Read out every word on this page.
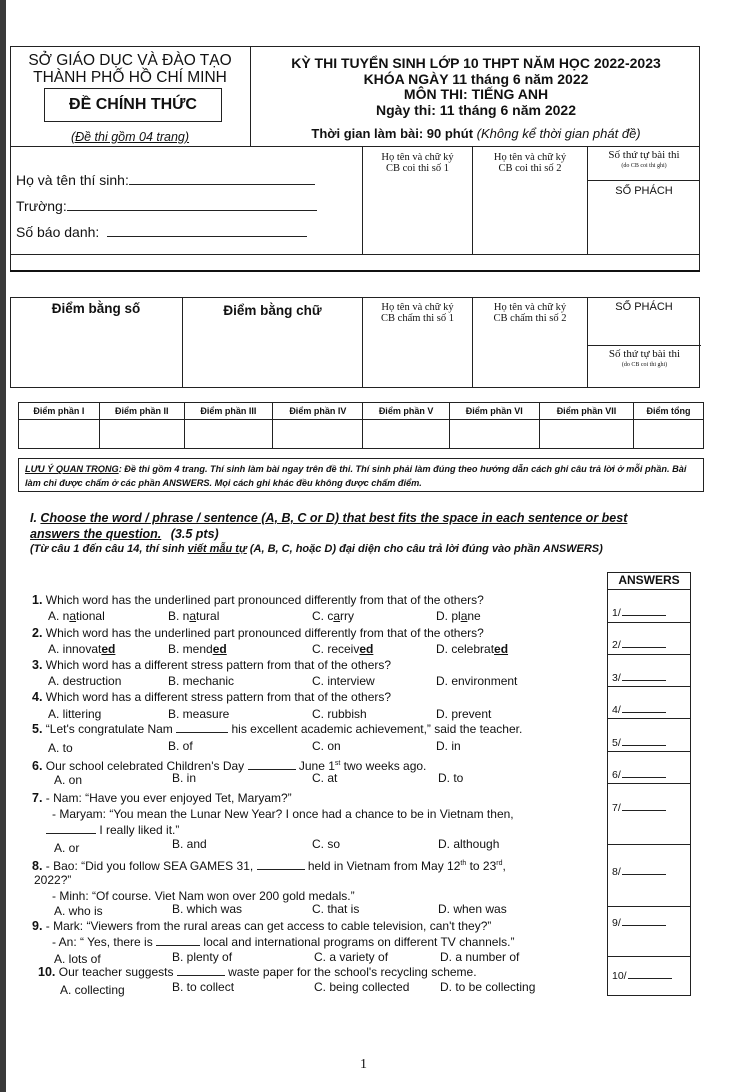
SỞ GIÁO DỤC VÀ ĐÀO TẠO
THÀNH PHỐ HỒ CHÍ MINH
ĐỀ CHÍNH THỨC
(Đề thi gồm 04 trang)
KỲ THI TUYỂN SINH LỚP 10 THPT NĂM HỌC 2022-2023
KHÓA NGÀY 11 tháng 6 năm 2022
MÔN THI: TIẾNG ANH
Ngày thi: 11 tháng 6 năm 2022
Thời gian làm bài: 90 phút (Không kể thời gian phát đề)
Họ và tên thí sinh:
Trường:
Số báo danh:
Họ tên và chữ ký
CB coi thi số 1
Họ tên và chữ ký
CB coi thi số 2
Số thứ tự bài thi
(do CB coi thi ghi)
SỐ PHÁCH
Điểm bằng số	Điểm bằng chữ	Họ tên và chữ ký
CB chấm thi số 1
Họ tên và chữ ký
CB chấm thi số 2
SỐ PHÁCH
Số thứ tự bài thi
(do CB coi thi ghi)
Điểm phần I	Điểm phần II	Điểm phần III	Điểm phần IV	Điểm phần V	Điểm phần VI	Điểm phần VII	Điểm tổng

LƯU Ý QUAN TRỌNG: Đề thi gồm 4 trang. Thí sinh làm bài ngay trên đề thi. Thí sinh phải làm đúng theo hướng dẫn cách ghi câu trả lời ở mỗi phần. Bài làm chỉ được chấm ở các phần ANSWERS. Mọi cách ghi khác đều không được chấm điểm.
I. Choose the word / phrase / sentence (A, B, C or D) that best fits the space in each sentence or best answers the question. (3.5 pts)
(Từ câu 1 đến câu 14, thí sinh viết mẫu tự (A, B, C, hoặc D) đại diện cho câu trả lời đúng vào phần ANSWERS)
ANSWERS
1/
2/
3/
4/
5/
6/
7/
8/
9/
10/
1. Which word has the underlined part pronounced differently from that of the others?
A. national	B. natural	C. carry	D. plane
2. Which word has the underlined part pronounced differently from that of the others?
A. innovated	B. mended	C. received	D. celebrated
3. Which word has a different stress pattern from that of the others?
A. destruction	B. mechanic	C. interview	D. environment
4. Which word has a different stress pattern from that of the others?
A. littering	B. measure	C. rubbish	D. prevent
5. “Let's congratulate Nam	his excellent academic achievement,” said the teacher.
A. to	B. of	C. on	D. in
6. Our school celebrated Children's Day	June 1st two weeks ago.
A. on	B. in	C. at	D. to
7. - Nam: “Have you ever enjoyed Tet, Maryam?”
- Maryam: “You mean the Lunar New Year? I once had a chance to be in Vietnam then,
I really liked it.”
A. or	B. and	C. so	D. although
8. - Bao: “Did you follow SEA GAMES 31,	held in Vietnam from May 12th to 23rd,
2022?”
- Minh: “Of course. Viet Nam won over 200 gold medals.”
A. who is	B. which was	C. that is	D. when was
9. - Mark: “Viewers from the rural areas can get access to cable television, can't they?”
- An: “ Yes, there is	local and international programs on different TV channels.”
A. lots of	B. plenty of	C. a variety of	D. a number of
10. Our teacher suggests	waste paper for the school's recycling scheme.
A. collecting	B. to collect	C. being collected	D. to be collecting
1
